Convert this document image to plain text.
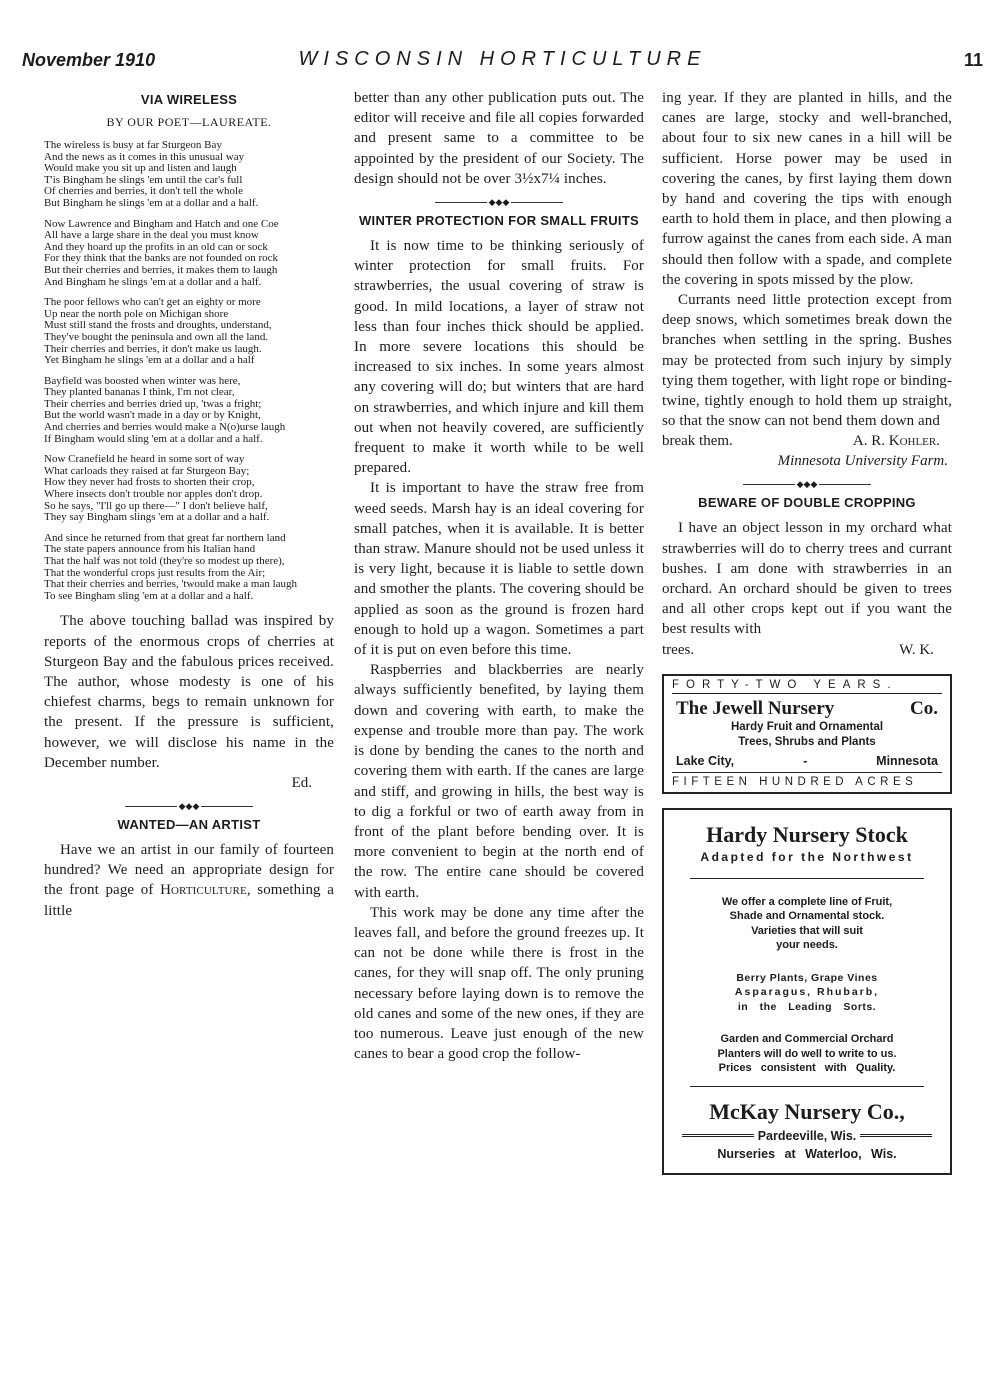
November 1910	WISCONSIN HORTICULTURE	11
VIA WIRELESS
BY OUR POET—LAUREATE.
The wireless is busy at far Sturgeon Bay
And the news as it comes in this unusual way
Would make you sit up and listen and laugh
T'is Bingham he slings 'em until the car's full
Of cherries and berries, it don't tell the whole
But Bingham he slings 'em at a dollar and a half.
Now Lawrence and Bingham and Hatch and one Coe
All have a large share in the deal you must know
And they hoard up the profits in an old can or sock
For they think that the banks are not founded on rock
But their cherries and berries, it makes them to laugh
And Bingham he slings 'em at a dollar and a half.
The poor fellows who can't get an eighty or more
Up near the north pole on Michigan shore
Must still stand the frosts and droughts, understand,
They've bought the peninsula and own all the land.
Their cherries and berries, it don't make us laugh.
Yet Bingham he slings 'em at a dollar and a half
Bayfield was boosted when winter was here,
They planted bananas I think, I'm not clear,
Their cherries and berries dried up, 'twas a fright;
But the world wasn't made in a day or by Knight,
And cherries and berries would make a N(o)urse laugh
If Bingham would sling 'em at a dollar and a half.
Now Cranefield he heard in some sort of way
What carloads they raised at far Sturgeon Bay;
How they never had frosts to shorten their crop,
Where insects don't trouble nor apples don't drop.
So he says, "I'll go up there—" I don't believe half,
They say Bingham slings 'em at a dollar and a half.
And since he returned from that great far northern land
The state papers announce from his Italian hand
That the half was not told (they're so modest up there),
That the wonderful crops just results from the Air;
That their cherries and berries, 'twould make a man laugh
To see Bingham sling 'em at a dollar and a half.

The above touching ballad was inspired by reports of the enormous crops of cherries at Sturgeon Bay and the fabulous prices received. The author, whose modesty is one of his chiefest charms, begs to remain unknown for the present. If the pressure is sufficient, however, we will disclose his name in the December number.

Ed.
◆◆◆
WANTED—AN ARTIST

Have we an artist in our family of fourteen hundred? We need an appropriate design for the front page of Horticulture, something a little

better than any other publication puts out. The editor will receive and file all copies forwarded and present same to a committee to be appointed by the president of our Society. The design should not be over 3½x7¼ inches.

◆◆◆
WINTER PROTECTION FOR SMALL FRUITS

It is now time to be thinking seriously of winter protection for small fruits. For strawberries, the usual covering of straw is good. In mild locations, a layer of straw not less than four inches thick should be applied. In more severe locations this should be increased to six inches. In some years almost any covering will do; but winters that are hard on strawberries, and which injure and kill them out when not heavily covered, are sufficiently frequent to make it worth while to be well prepared.

It is important to have the straw free from weed seeds. Marsh hay is an ideal covering for small patches, when it is available. It is better than straw. Manure should not be used unless it is very light, because it is liable to settle down and smother the plants. The covering should be applied as soon as the ground is frozen hard enough to hold up a wagon. Sometimes a part of it is put on even before this time.

Raspberries and blackberries are nearly always sufficiently benefited, by laying them down and covering with earth, to make the expense and trouble more than pay. The work is done by bending the canes to the north and covering them with earth. If the canes are large and stiff, and growing in hills, the best way is to dig a forkful or two of earth away from in front of the plant before bending over. It is more convenient to begin at the north end of the row. The entire cane should be covered with earth.

This work may be done any time after the leaves fall, and before the ground freezes up. It can not be done while there is frost in the canes, for they will snap off. The only pruning necessary before laying down is to remove the old canes and some of the new ones, if they are too numerous. Leave just enough of the new canes to bear a good crop the follow-

ing year. If they are planted in hills, and the canes are large, stocky and well-branched, about four to six new canes in a hill will be sufficient. Horse power may be used in covering the canes, by first laying them down by hand and covering the tips with enough earth to hold them in place, and then plowing a furrow against the canes from each side. A man should then follow with a spade, and complete the covering in spots missed by the plow.

Currants need little protection except from deep snows, which sometimes break down the branches when settling in the spring. Bushes may be protected from such injury by simply tying them together, with light rope or binding-twine, tightly enough to hold them up straight, so that the snow can not bend them down and

break them.	A. R. Kohler.
Minnesota University Farm.
◆◆◆
BEWARE OF DOUBLE CROPPING

I have an object lesson in my orchard what strawberries will do to cherry trees and currant bushes. I am done with strawberries in an orchard. An orchard should be given to trees and all other crops kept out if you want the best results with

trees.	W. K.
FORTY-TWO YEARS.
The Jewell Nursery	Co.
Hardy Fruit and Ornamental
Trees, Shrubs and Plants
Lake City,	-	Minnesota
FIFTEEN HUNDRED ACRES
Hardy Nursery Stock
Adapted for the Northwest
We offer a complete line of Fruit,
Shade and Ornamental stock.
Varieties that will suit
your needs.
Berry Plants, Grape Vines
Asparagus, Rhubarb,
in the Leading Sorts.
Garden and Commercial Orchard
Planters will do well to write to us.
Prices consistent with Quality.
McKay Nursery Co.,
Pardeeville, Wis.
Nurseries at Waterloo, Wis.
